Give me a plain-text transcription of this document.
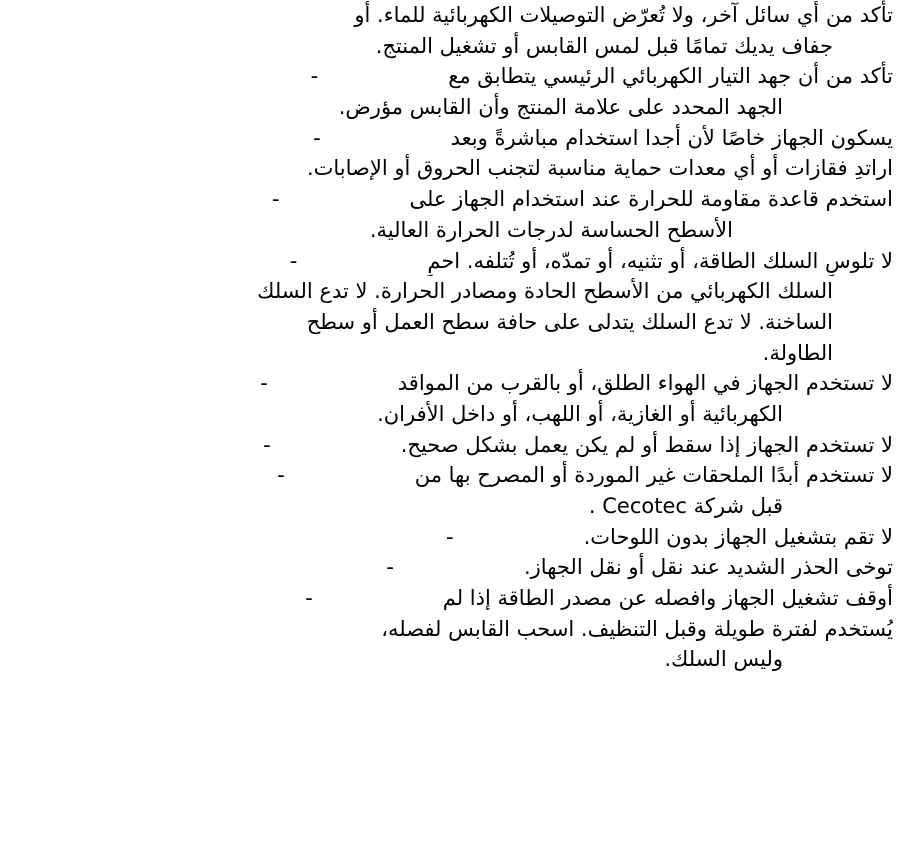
تأكد من أي سائل آخر، ولا تُعرّض التوصيلات الكهربائية للماء. أو
جفاف يديك تمامًا قبل لمس القابس أو تشغيل المنتج.
تأكد من أن جهد التيار الكهربائي الرئيسي يتطابق مع-
الجهد المحدد على علامة المنتج وأن القابس مؤرض.
يسكون الجهاز خاصًا لأن أجدا استخدام مباشرةً وبعد-
اراتدِ فقازات أو أي معدات حماية مناسبة لتجنب الحروق أو الإصابات.
استخدم قاعدة مقاومة للحرارة عند استخدام الجهاز على-
الأسطح الحساسة لدرجات الحرارة العالية.
لا تلوسِ السلك الطاقة، أو تثنيه، أو تمدّه، أو تُتلفه. احمِ-
السلك الكهربائي من الأسطح الحادة ومصادر الحرارة. لا تدع السلك
الساخنة. لا تدع السلك يتدلى على حافة سطح العمل أو سطح
الطاولة.
لا تستخدم الجهاز في الهواء الطلق، أو بالقرب من المواقد-
الكهربائية أو الغازية، أو اللهب، أو داخل الأفران.
لا تستخدم الجهاز إذا سقط أو لم يكن يعمل بشكل صحيح.-
لا تستخدم أبدًا الملحقات غير الموردة أو المصرح بها من-
قبل شركة Cecotec .
لا تقم بتشغيل الجهاز بدون اللوحات.-
توخى الحذر الشديد عند نقل أو نقل الجهاز.-
أوقف تشغيل الجهاز وافصله عن مصدر الطاقة إذا لم-
يُستخدم لفترة طويلة وقبل التنظيف. اسحب القابس لفصله،
وليس السلك.
